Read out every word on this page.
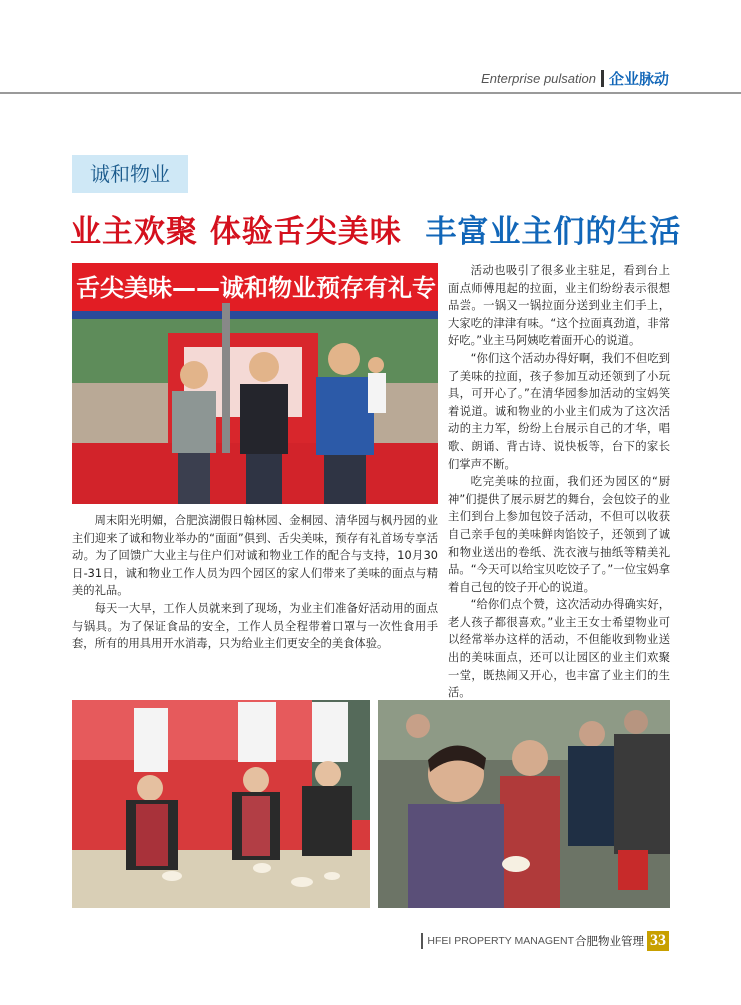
Enterprise pulsation 企业脉动
诚和物业
业主欢聚 体验舌尖美味 丰富业主们的生活
舌尖美味——诚和物业预存有礼专

活动也吸引了很多业主驻足，看到台上面点师傅甩起的拉面，业主们纷纷表示很想品尝。一锅又一锅拉面分送到业主们手上，大家吃的津津有味。“这个拉面真劲道，非常好吃。”业主马阿姨吃着面开心的说道。

“你们这个活动办得好啊，我们不但吃到了美味的拉面，孩子参加互动还领到了小玩具，可开心了。”在清华园参加活动的宝妈笑着说道。诚和物业的小业主们成为了这次活动的主力军，纷纷上台展示自己的才华，唱歌、朗诵、背古诗、说快板等，台下的家长们掌声不断。

吃完美味的拉面，我们还为园区的“厨神”们提供了展示厨艺的舞台，会包饺子的业主们到台上参加包饺子活动，不但可以收获自己亲手包的美味鲜肉馅饺子，还领到了诚和物业送出的卷纸、洗衣液与抽纸等精美礼品。“今天可以给宝贝吃饺子了。”一位宝妈拿着自己包的饺子开心的说道。

“给你们点个赞，这次活动办得确实好，老人孩子都很喜欢。”业主王女士希望物业可以经常举办这样的活动，不但能收到物业送出的美味面点，还可以让园区的业主们欢聚一堂，既热闹又开心，也丰富了业主们的生活。

周末阳光明媚，合肥滨湖假日翰林园、金桐园、清华园与枫丹园的业主们迎来了诚和物业举办的“面面”俱到、舌尖美味，预存有礼首场专享活动。为了回馈广大业主与住户们对诚和物业工作的配合与支持，10月30日-31日，诚和物业工作人员为四个园区的家人们带来了美味的面点与精美的礼品。

每天一大早，工作人员就来到了现场，为业主们准备好活动用的面点与锅具。为了保证食品的安全，工作人员全程带着口罩与一次性食用手套，所有的用具用开水消毒，只为给业主们更安全的美食体验。

HFEI PROPERTY MANAGENT 合肥物业管理 33
